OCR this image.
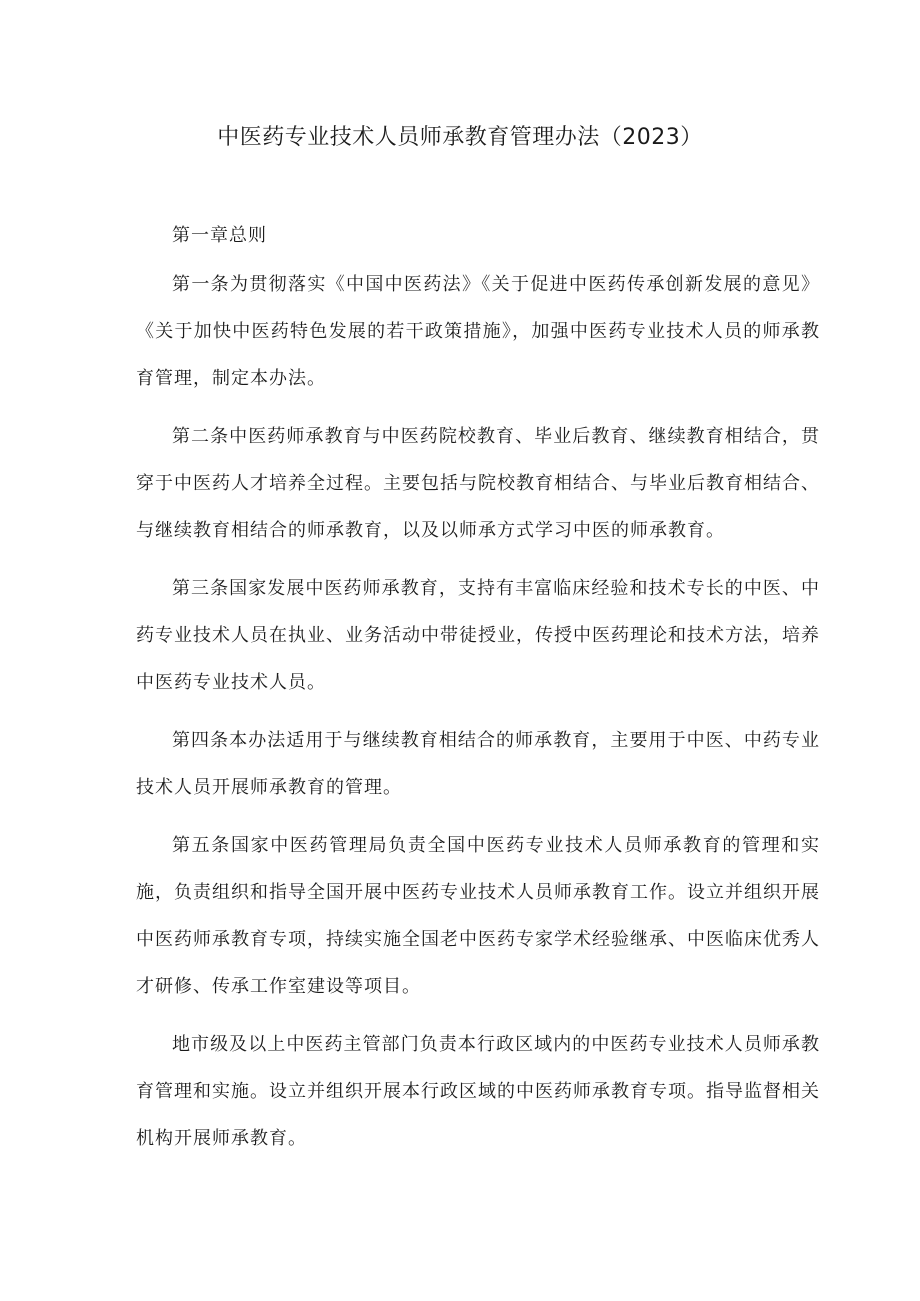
中医药专业技术人员师承教育管理办法（2023）

第一章总则

第一条为贯彻落实《中国中医药法》《关于促进中医药传承创新发展的意见》《关于加快中医药特色发展的若干政策措施》，加强中医药专业技术人员的师承教育管理，制定本办法。

第二条中医药师承教育与中医药院校教育、毕业后教育、继续教育相结合，贯穿于中医药人才培养全过程。主要包括与院校教育相结合、与毕业后教育相结合、与继续教育相结合的师承教育，以及以师承方式学习中医的师承教育。

第三条国家发展中医药师承教育，支持有丰富临床经验和技术专长的中医、中药专业技术人员在执业、业务活动中带徒授业，传授中医药理论和技术方法，培养中医药专业技术人员。

第四条本办法适用于与继续教育相结合的师承教育，主要用于中医、中药专业技术人员开展师承教育的管理。

第五条国家中医药管理局负责全国中医药专业技术人员师承教育的管理和实施，负责组织和指导全国开展中医药专业技术人员师承教育工作。设立并组织开展中医药师承教育专项，持续实施全国老中医药专家学术经验继承、中医临床优秀人才研修、传承工作室建设等项目。

地市级及以上中医药主管部门负责本行政区域内的中医药专业技术人员师承教育管理和实施。设立并组织开展本行政区域的中医药师承教育专项。指导监督相关机构开展师承教育。
